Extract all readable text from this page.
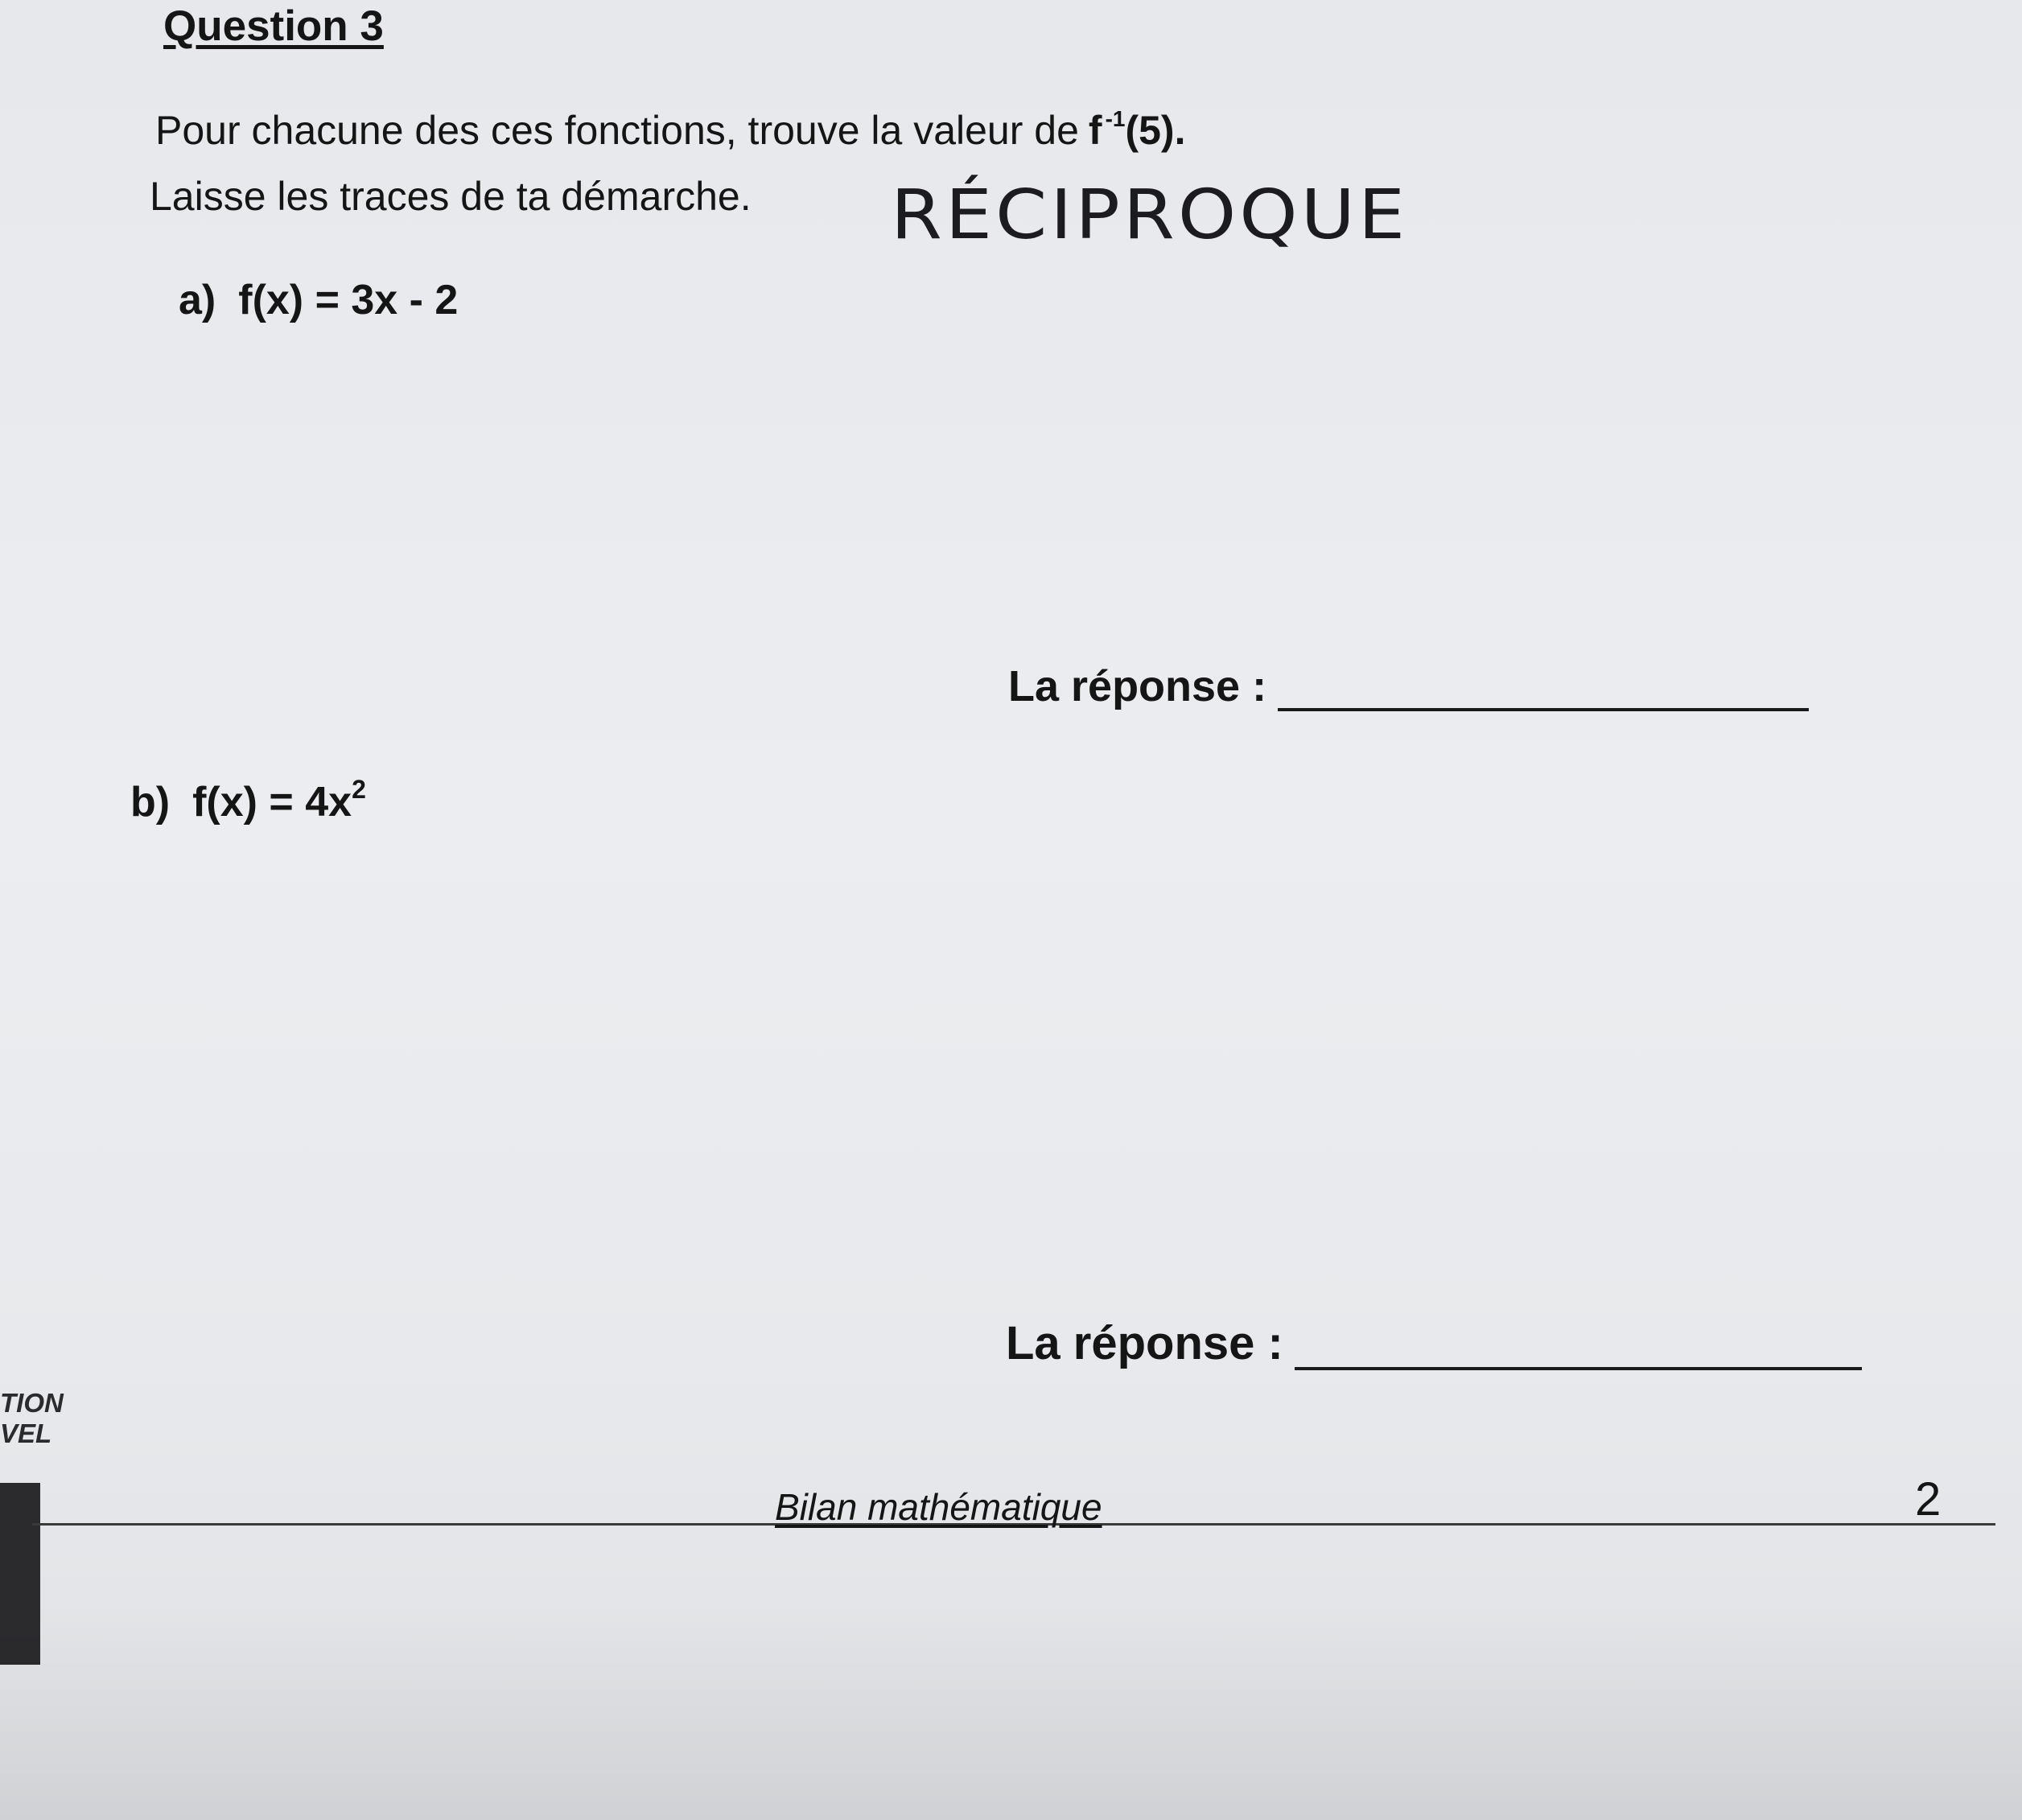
Question 3
Pour chacune des ces fonctions, trouve la valeur de f $^{-1}$(5).
Laisse les traces de ta démarche. RÉCIPROQUE
a) f(x) = 3x - 2
La réponse :
b) $f(x) = 4x^2$
La réponse :
TION
VEL
Bilan mathématique	2
